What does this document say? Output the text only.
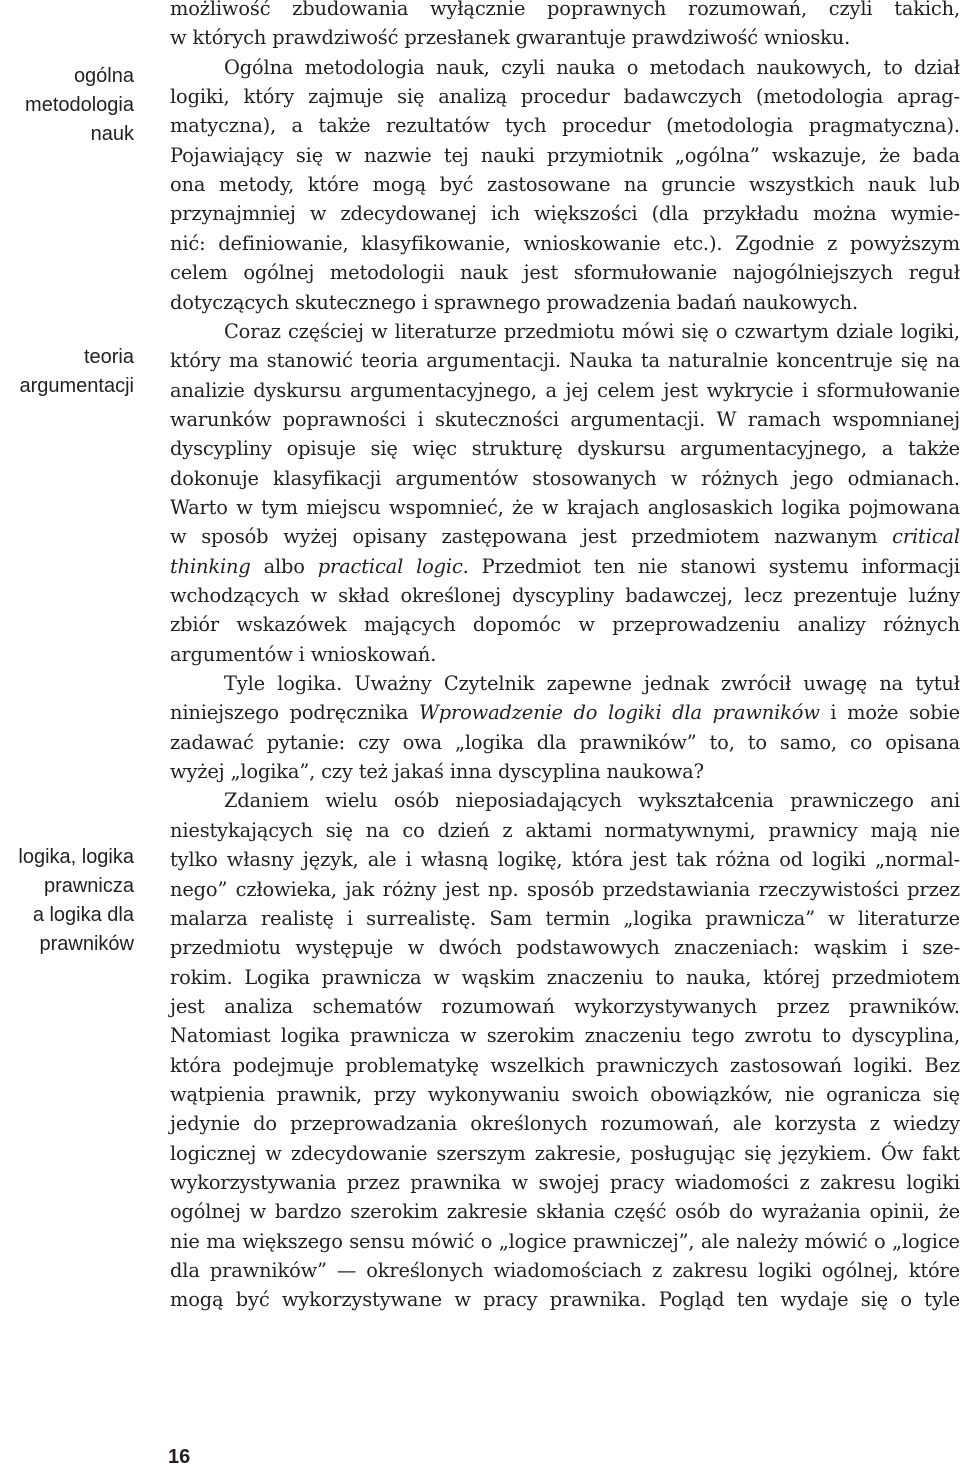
ogólna
metodologia
nauk
teoria
argumentacji
logika, logika
prawnicza
a logika dla
prawników
możliwość zbudowania wyłącznie poprawnych rozumowań, czyli takich,
w których prawdziwość przesłanek gwarantuje prawdziwość wniosku.
Ogólna metodologia nauk, czyli nauka o metodach naukowych, to dział
logiki, który zajmuje się analizą procedur badawczych (metodologia aprag-
matyczna), a także rezultatów tych procedur (metodologia pragmatyczna).
Pojawiający się w nazwie tej nauki przymiotnik „ogólna” wskazuje, że bada
ona metody, które mogą być zastosowane na gruncie wszystkich nauk lub
przynajmniej w zdecydowanej ich większości (dla przykładu można wymie-
nić: definiowanie, klasyfikowanie, wnioskowanie etc.). Zgodnie z powyższym
celem ogólnej metodologii nauk jest sformułowanie najogólniejszych reguł
dotyczących skutecznego i sprawnego prowadzenia badań naukowych.
Coraz częściej w literaturze przedmiotu mówi się o czwartym dziale logiki,
który ma stanowić teoria argumentacji. Nauka ta naturalnie koncentruje się na
analizie dyskursu argumentacyjnego, a jej celem jest wykrycie i sformułowanie
warunków poprawności i skuteczności argumentacji. W ramach wspomnianej
dyscypliny opisuje się więc strukturę dyskursu argumentacyjnego, a także
dokonuje klasyfikacji argumentów stosowanych w różnych jego odmianach.
Warto w tym miejscu wspomnieć, że w krajach anglosaskich logika pojmowana
w sposób wyżej opisany zastępowana jest przedmiotem nazwanym critical
thinking albo practical logic. Przedmiot ten nie stanowi systemu informacji
wchodzących w skład określonej dyscypliny badawczej, lecz prezentuje luźny
zbiór wskazówek mających dopomóc w przeprowadzeniu analizy różnych
argumentów i wnioskowań.
Tyle logika. Uważny Czytelnik zapewne jednak zwrócił uwagę na tytuł
niniejszego podręcznika Wprowadzenie do logiki dla prawników i może sobie
zadawać pytanie: czy owa „logika dla prawników” to, to samo, co opisana
wyżej „logika”, czy też jakaś inna dyscyplina naukowa?
Zdaniem wielu osób nieposiadających wykształcenia prawniczego ani
niestykających się na co dzień z aktami normatywnymi, prawnicy mają nie
tylko własny język, ale i własną logikę, która jest tak różna od logiki „normal-
nego” człowieka, jak różny jest np. sposób przedstawiania rzeczywistości przez
malarza realistę i surrealistę. Sam termin „logika prawnicza” w literaturze
przedmiotu występuje w dwóch podstawowych znaczeniach: wąskim i sze-
rokim. Logika prawnicza w wąskim znaczeniu to nauka, której przedmiotem
jest analiza schematów rozumowań wykorzystywanych przez prawników.
Natomiast logika prawnicza w szerokim znaczeniu tego zwrotu to dyscyplina,
która podejmuje problematykę wszelkich prawniczych zastosowań logiki. Bez
wątpienia prawnik, przy wykonywaniu swoich obowiązków, nie ogranicza się
jedynie do przeprowadzania określonych rozumowań, ale korzysta z wiedzy
logicznej w zdecydowanie szerszym zakresie, posługując się językiem. Ów fakt
wykorzystywania przez prawnika w swojej pracy wiadomości z zakresu logiki
ogólnej w bardzo szerokim zakresie skłania część osób do wyrażania opinii, że
nie ma większego sensu mówić o „logice prawniczej”, ale należy mówić o „logice
dla prawników” — określonych wiadomościach z zakresu logiki ogólnej, które
mogą być wykorzystywane w pracy prawnika. Pogląd ten wydaje się o tyle
16
